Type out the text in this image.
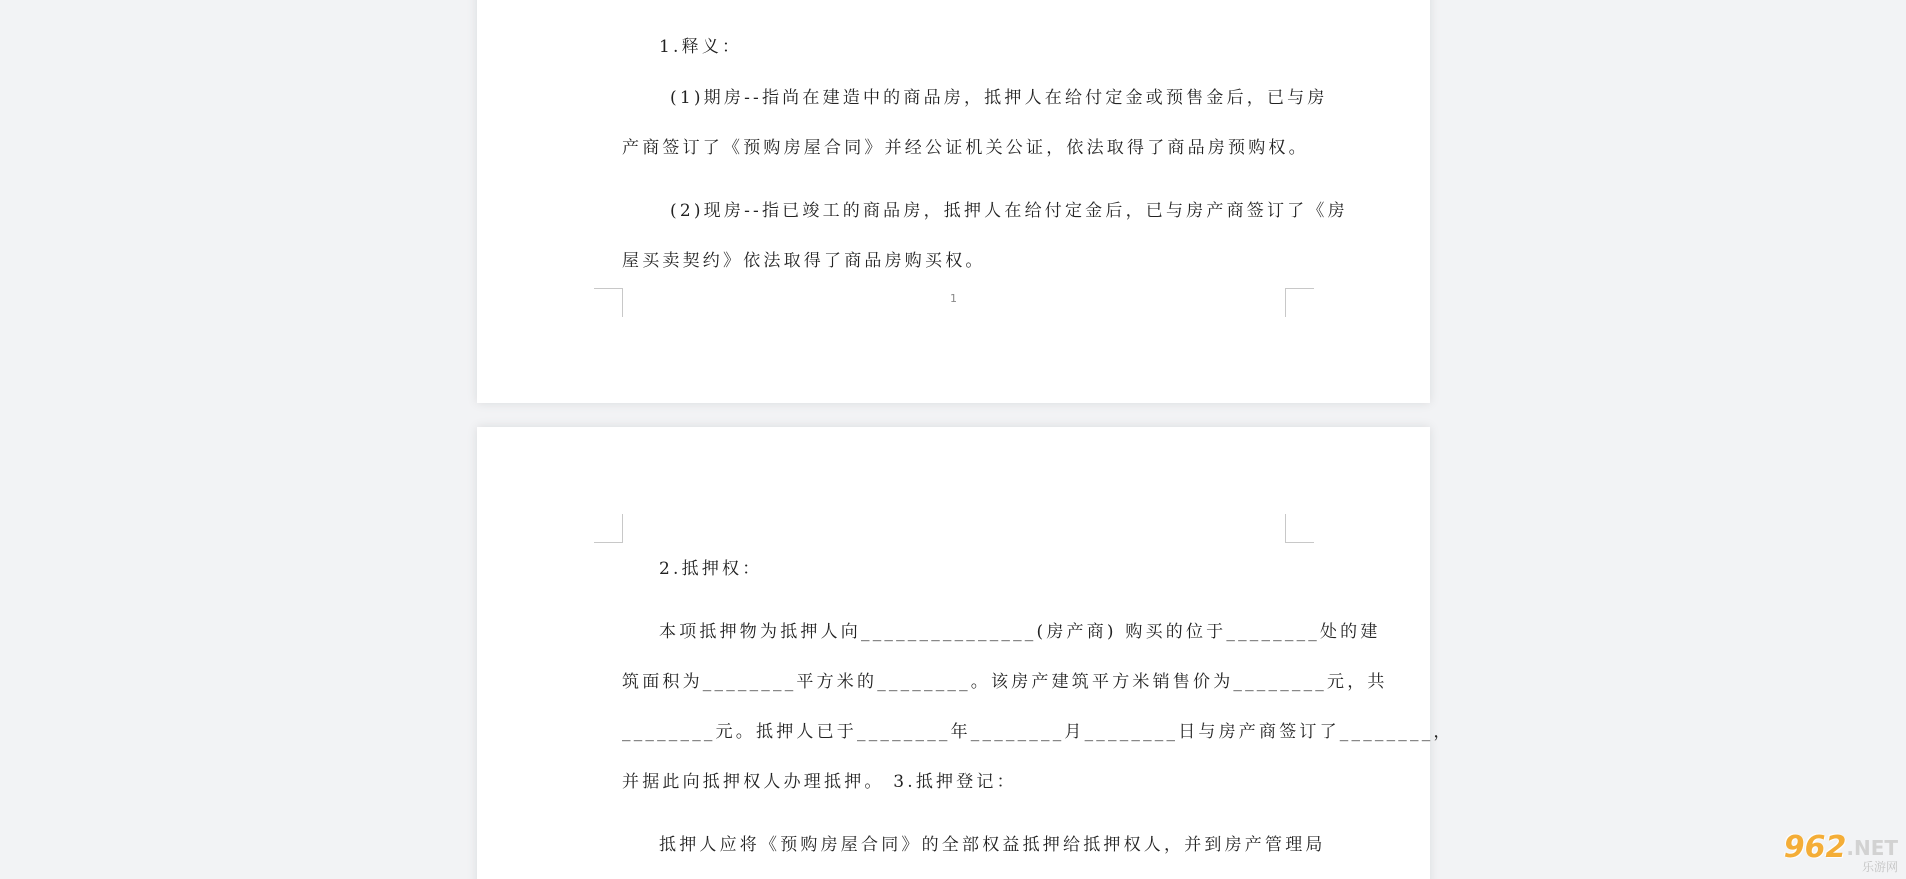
1.释义：
(1)期房--指尚在建造中的商品房，抵押人在给付定金或预售金后，已与房
产商签订了《预购房屋合同》并经公证机关公证，依法取得了商品房预购权。
(2)现房--指已竣工的商品房，抵押人在给付定金后，已与房产商签订了《房
屋买卖契约》依法取得了商品房购买权。
1
2.抵押权：
本项抵押物为抵押人向_______________(房产商) 购买的位于________处的建
筑面积为________平方米的________。该房产建筑平方米销售价为________元，共
________元。抵押人已于________年________月________日与房产商签订了________，
并据此向抵押权人办理抵押。 3.抵押登记：
抵押人应将《预购房屋合同》的全部权益抵押给抵押权人，并到房产管理局	962.NET
乐游网
